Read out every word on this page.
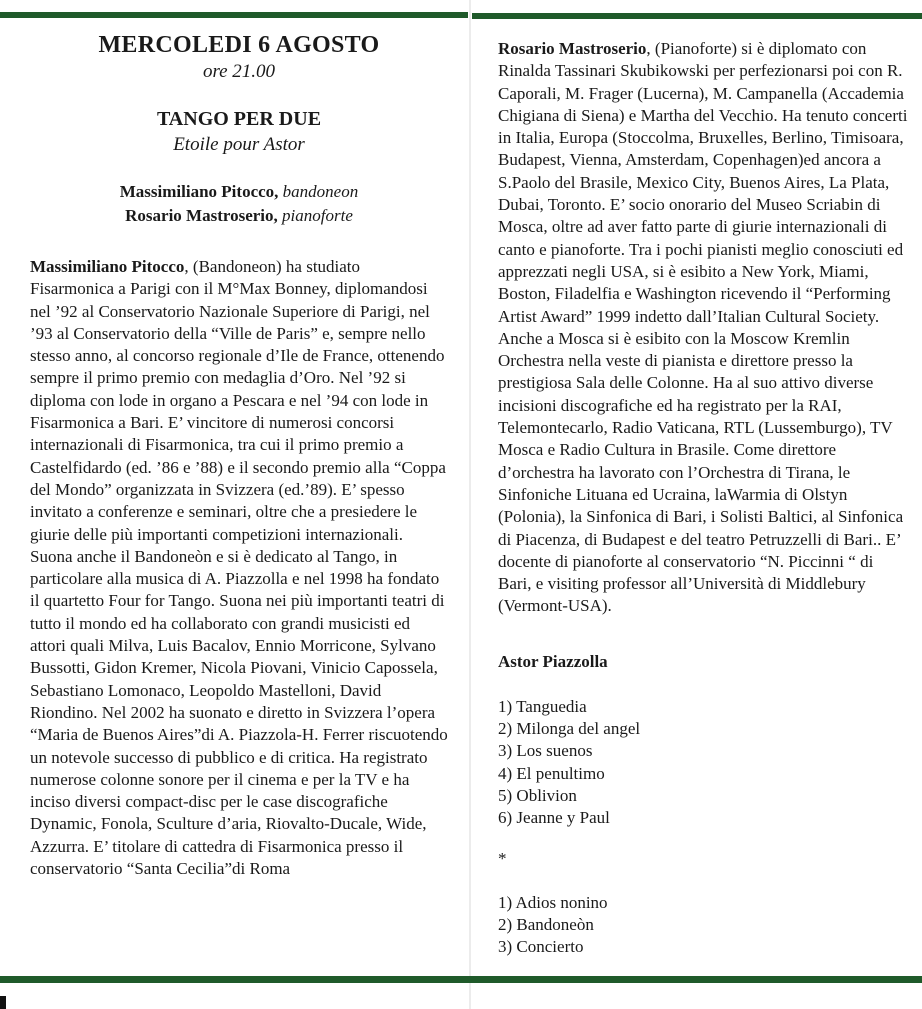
MERCOLEDI 6 AGOSTO
ore 21.00
TANGO PER DUE
Etoile pour Astor
Massimiliano Pitocco, bandoneon
Rosario Mastroserio, pianoforte

Massimiliano Pitocco, (Bandoneon) ha studiato Fisarmonica a Parigi con il M°Max Bonney, diplomandosi nel ’92 al Conservatorio Nazionale Superiore di Parigi, nel ’93 al Conservatorio della “Ville de Paris” e, sempre nello stesso anno, al concorso regionale d’Ile de France, ottenendo sempre il primo premio con medaglia d’Oro. Nel ’92 si diploma con lode in organo a Pescara e nel ’94 con lode in Fisarmonica a Bari. E’ vincitore di numerosi concorsi internazionali di Fisarmonica, tra cui il primo premio a Castelfidardo (ed. ’86 e ’88) e il secondo premio alla “Coppa del Mondo” organizzata in Svizzera (ed.’89). E’ spesso invitato a conferenze e seminari, oltre che a presiedere le giurie delle più importanti competizioni internazionali. Suona anche il Bandoneòn e si è dedicato al Tango, in particolare alla musica di A. Piazzolla e nel 1998 ha fondato il quartetto Four for Tango. Suona nei più importanti teatri di tutto il mondo ed ha collaborato con grandi musicisti ed attori quali Milva, Luis Bacalov, Ennio Morricone, Sylvano Bussotti, Gidon Kremer, Nicola Piovani, Vinicio Capossela, Sebastiano Lomonaco, Leopoldo Mastelloni, David Riondino. Nel 2002 ha suonato e diretto in Svizzera l’opera “Maria de Buenos Aires”di A. Piazzola-H. Ferrer riscuotendo un notevole successo di pubblico e di critica. Ha registrato numerose colonne sonore per il cinema e per la TV e ha inciso diversi compact-disc per le case discografiche Dynamic, Fonola, Sculture d’aria, Riovalto-Ducale, Wide, Azzurra. E’ titolare di cattedra di Fisarmonica presso il conservatorio “Santa Cecilia”di Roma

Rosario Mastroserio, (Pianoforte) si è diplomato con Rinalda Tassinari Skubikowski per perfezionarsi poi con R. Caporali, M. Frager (Lucerna), M. Campanella (Accademia Chigiana di Siena) e Martha del Vecchio. Ha tenuto concerti in Italia, Europa (Stoccolma, Bruxelles, Berlino, Timisoara, Budapest, Vienna, Amsterdam, Copenhagen)ed ancora a S.Paolo del Brasile, Mexico City, Buenos Aires, La Plata, Dubai, Toronto. E’ socio onorario del Museo Scriabin di Mosca, oltre ad aver fatto parte di giurie internazionali di canto e pianoforte. Tra i pochi pianisti meglio conosciuti ed apprezzati negli USA, si è esibito a New York, Miami, Boston, Filadelfia e Washington ricevendo il “Performing Artist Award” 1999 indetto dall’Italian Cultural Society. Anche a Mosca si è esibito con la Moscow Kremlin Orchestra nella veste di pianista e direttore presso la prestigiosa Sala delle Colonne. Ha al suo attivo diverse incisioni discografiche ed ha registrato per la RAI, Telemontecarlo, Radio Vaticana, RTL (Lussemburgo), TV Mosca e Radio Cultura in Brasile. Come direttore d’orchestra ha lavorato con l’Orchestra di Tirana, le Sinfoniche Lituana ed Ucraina, laWarmia di Olstyn (Polonia), la Sinfonica di Bari, i Solisti Baltici, al Sinfonica di Piacenza, di Budapest e del teatro Petruzzelli di Bari.. E’ docente di pianoforte al conservatorio “N. Piccinni “ di Bari, e visiting professor all’Università di Middlebury (Vermont-USA).

Astor Piazzolla
1) Tanguedia
2) Milonga del angel
3) Los suenos
4) El penultimo
5) Oblivion
6) Jeanne y Paul
*
1) Adios nonino
2) Bandoneòn
3) Concierto
